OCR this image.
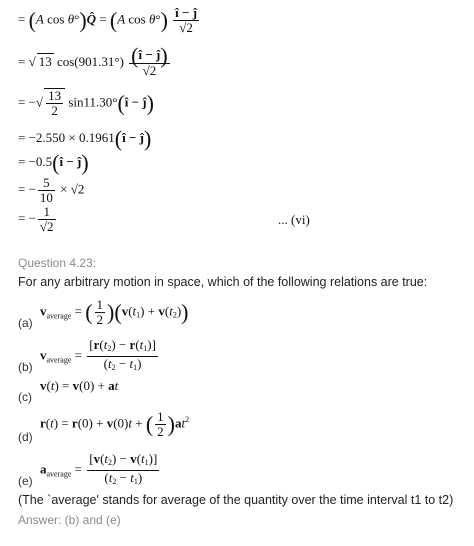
= (A cos θ°)Q̂ = (A $\cos \theta^\circ) \frac{î - ĵ}{√2}$
= √ 13 $\cos(901.31^\circ) \frac{(î - ĵ)}{√2}$
= −√ $\frac{13}{2}$ sin11.30°(î − ĵ)
= −2.550 × 0.1961(î − ĵ)
= −0.5(î − ĵ)
= − $\frac{5}{10} \times √2$
= − $\frac{1}{√2}$	... (vi)
Question 4.23:
For any arbitrary motion in space, which of the following relations are true:
$v_{average}$ = ( $\frac{1}{2} )(v(t1) + v(t2))$
(a)
$v_{average} = \frac{[r(t2) - r(t1)]}{(t2 - t1)}$
(b)
v(t) = v(0) + at
(c)
r(t) = r(0) + v(0)t + ( $\frac{1}{2} )at^2$
(d)
$a_{average} = \frac{[v(t2) - v(t1)]}{(t2 - t1)}$
(e)
(The `average' stands for average of the quantity over the time interval t1 to t2)
Answer: (b) and (e)
